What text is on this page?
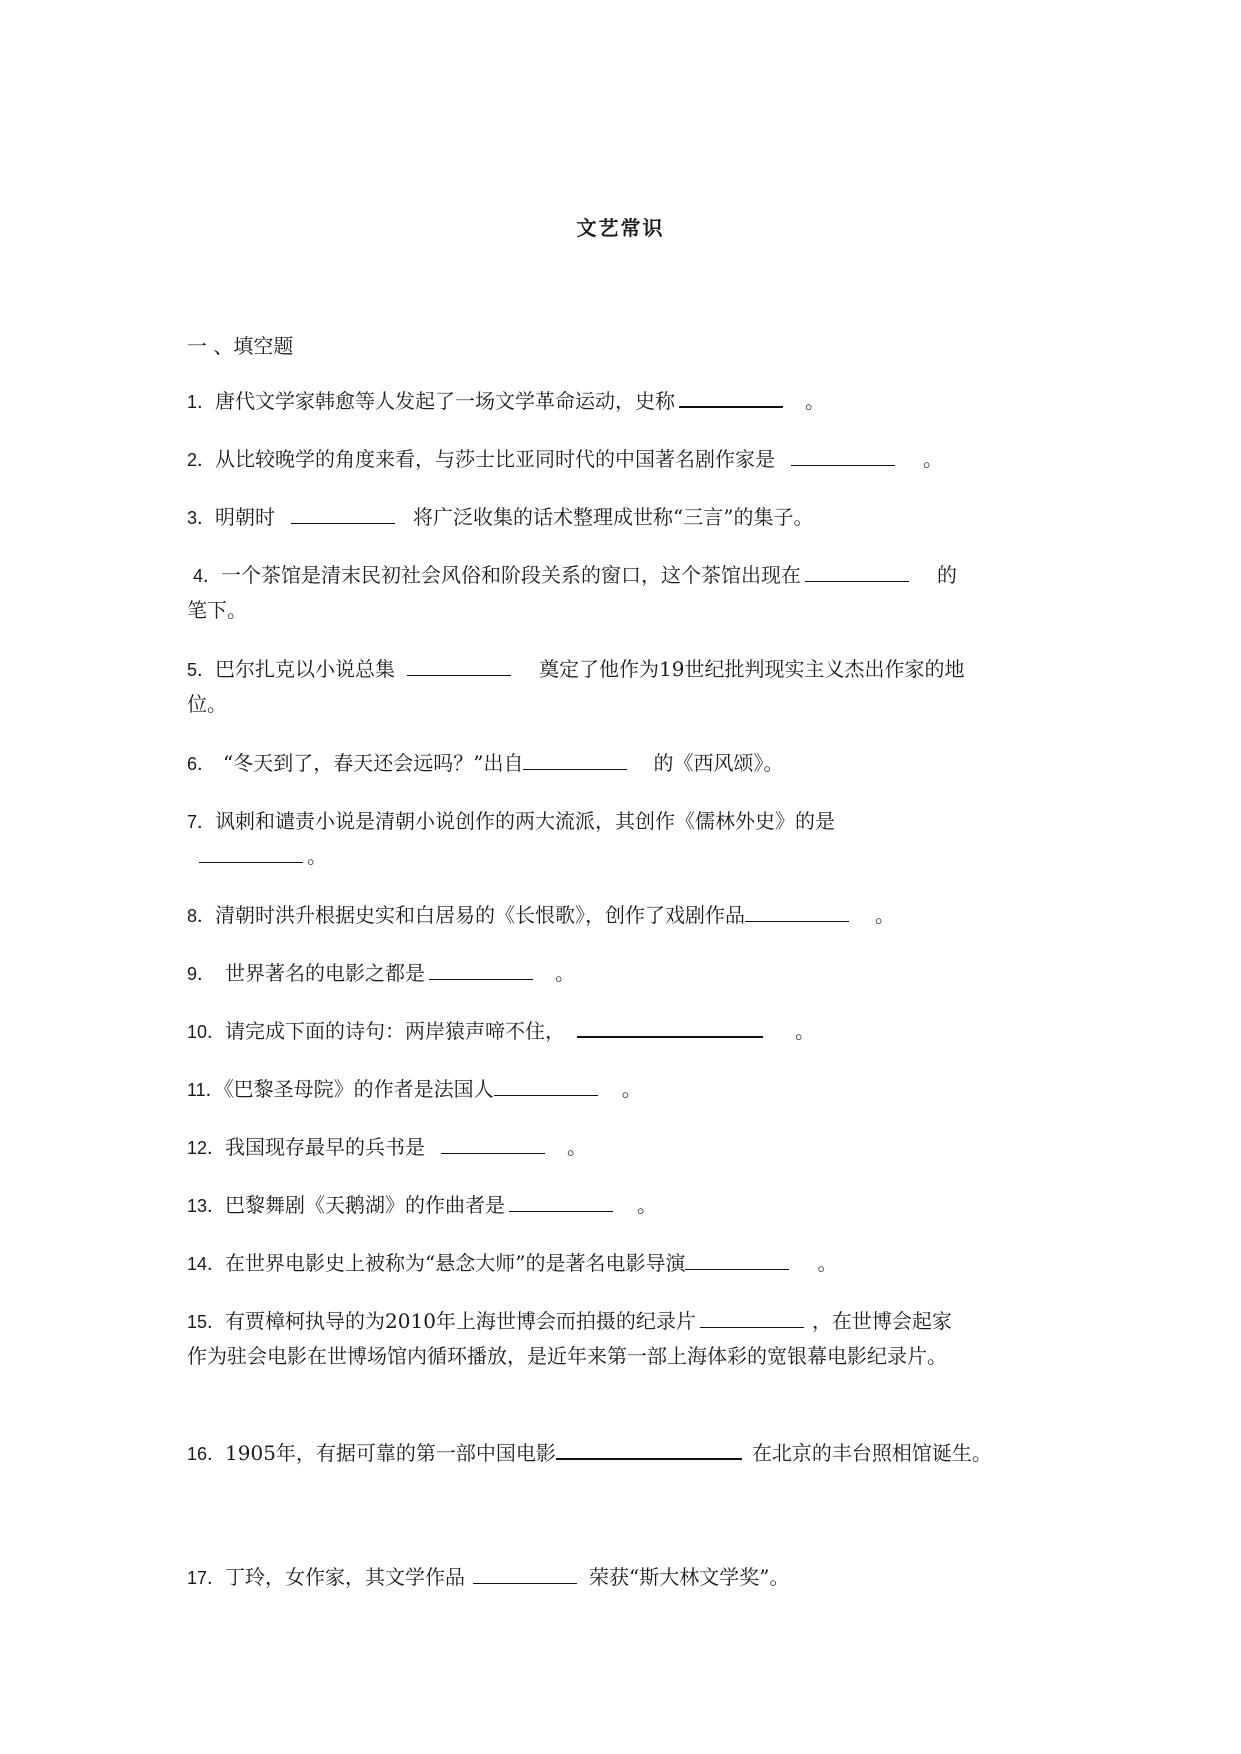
文艺常识
一 、填空题
1．唐代文学家韩愈等人发起了一场文学革命运动，史称	。
2．从比较晚学的角度来看，与莎士比亚同时代的中国著名剧作家是	。
3．明朝时	将广泛收集的话术整理成世称“三言”的集子。
4．一个茶馆是清末民初社会风俗和阶段关系的窗口，这个茶馆出现在	的
笔下。
5．巴尔扎克以小说总集	奠定了他作为19世纪批判现实主义杰出作家的地
位。
6． “冬天到了，春天还会远吗？”出自	的《西风颂》。
7．讽刺和谴责小说是清朝小说创作的两大流派，其创作《儒林外史》的是
。
8．清朝时洪升根据史实和白居易的《长恨歌》，创作了戏剧作品	。
9． 世界著名的电影之都是	。
10．请完成下面的诗句：两岸猿声啼不住，	。
11．《巴黎圣母院》的作者是法国人	。
12．我国现存最早的兵书是	。
13．巴黎舞剧《天鹅湖》的作曲者是	。
14．在世界电影史上被称为“悬念大师”的是著名电影导演	。
15．有贾樟柯执导的为2010年上海世博会而拍摄的纪录片	，在世博会起家
作为驻会电影在世博场馆内循环播放，是近年来第一部上海体彩的宽银幕电影纪录片。
16．1905年，有据可靠的第一部中国电影	在北京的丰台照相馆诞生。
17．丁玲，女作家，其文学作品	荣获“斯大林文学奖”。
